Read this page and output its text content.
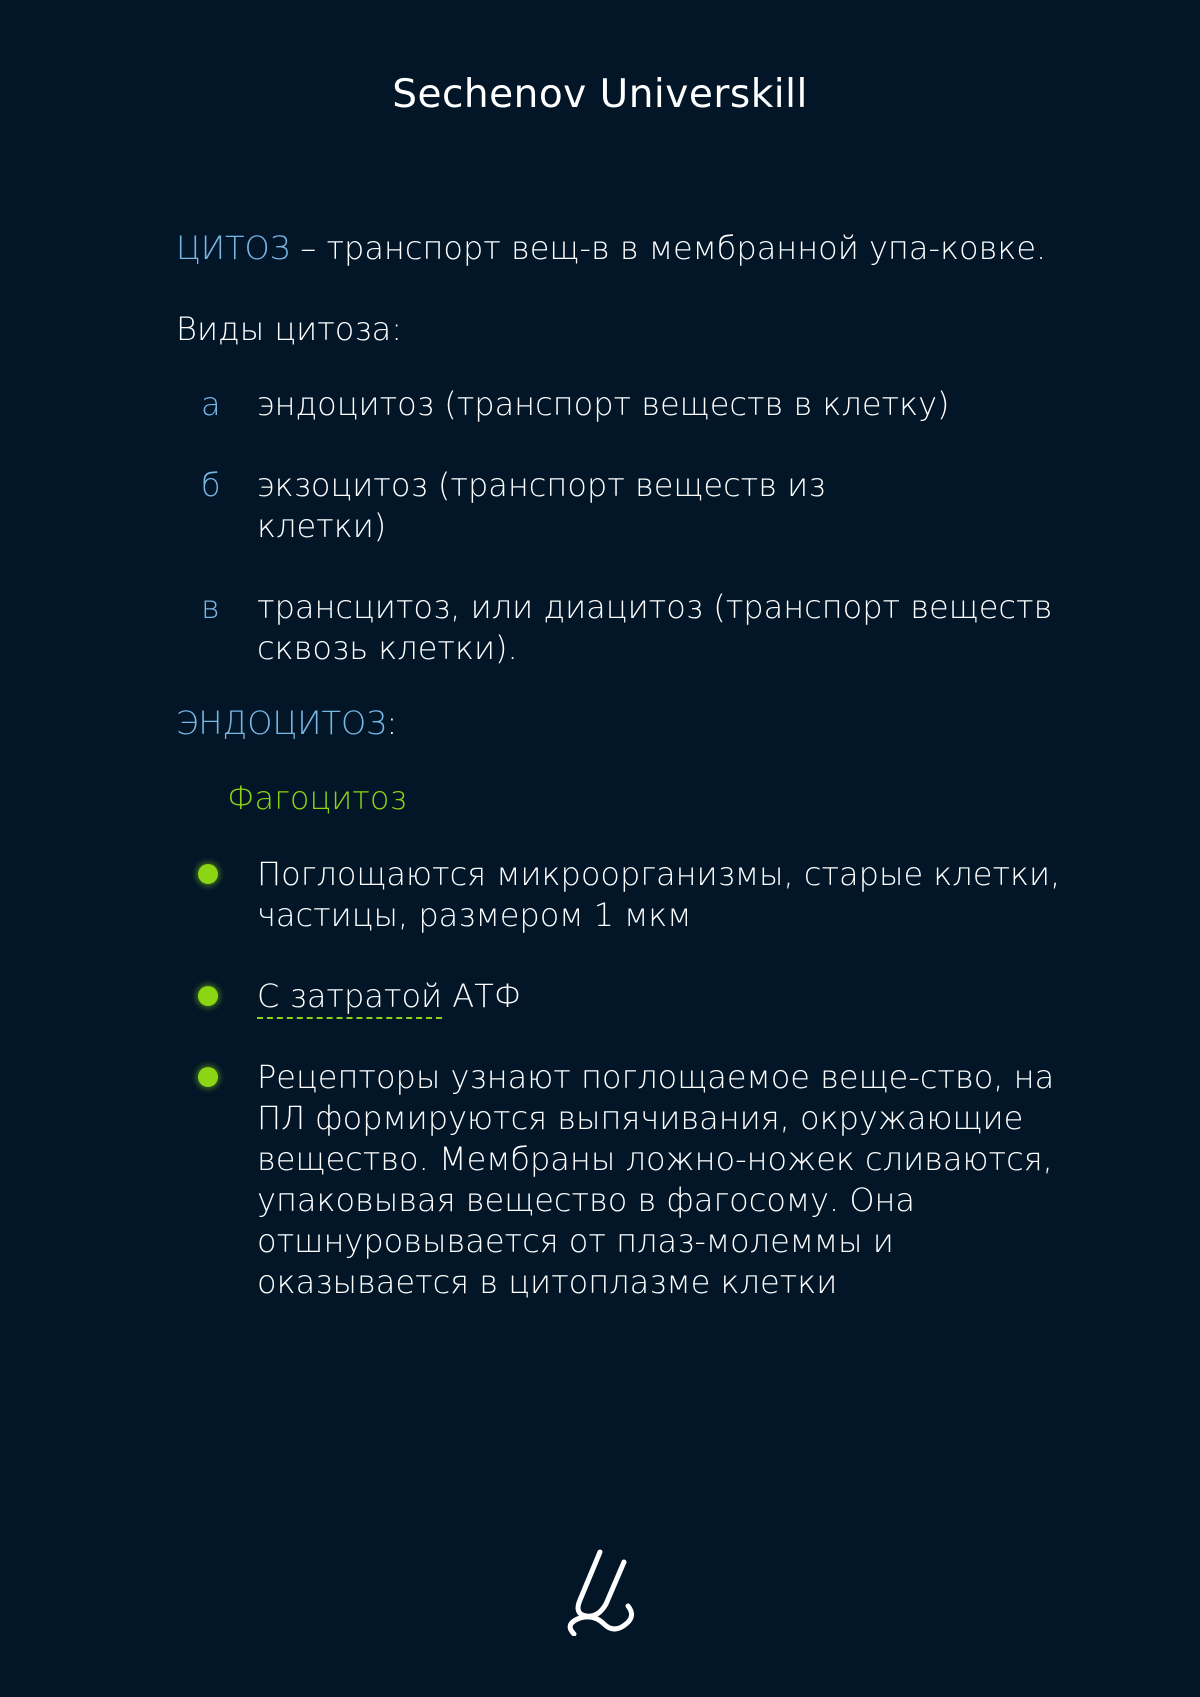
Sechenov Universkill

ЦИТОЗ – транспорт вещ-в в мембранной упа-ковке.

Виды цитоза:

а	эндоцитоз (транспорт веществ в клетку)
б	экзоцитоз (транспорт веществ из клетки)
в	трансцитоз, или диацитоз (транспорт веществ сквозь клетки).

ЭНДОЦИТОЗ:

Фагоцитоз

Поглощаются микроорганизмы, старые клетки, частицы, размером 1 мкм
С затратой АТФ
Рецепторы узнают поглощаемое веще-ство, на ПЛ формируются выпячивания, окружающие вещество. Мембраны ложно-ножек сливаются, упаковывая вещество в фагосому. Она отшнуровывается от плаз-молеммы и оказывается в цитоплазме клетки
